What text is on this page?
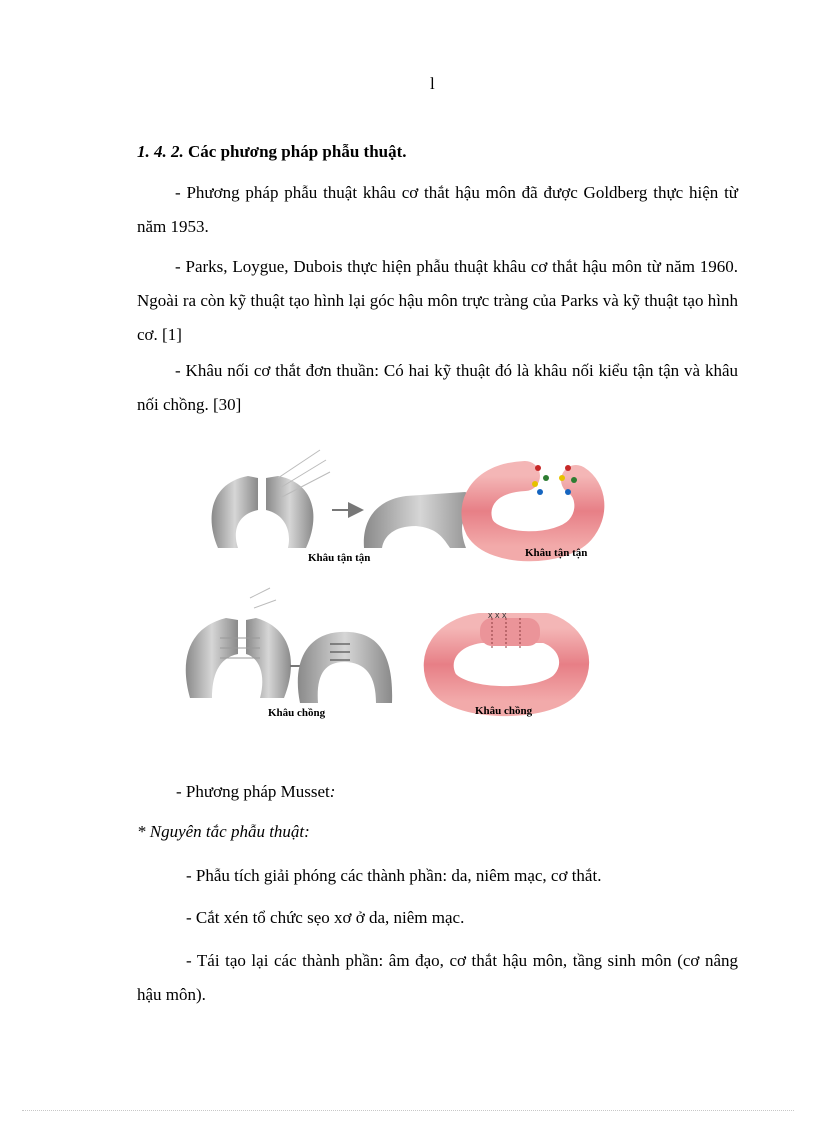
l
1. 4. 2. Các phương pháp phẫu thuật.
- Phương pháp phẫu thuật khâu cơ thắt hậu môn đã được Goldberg thực hiện từ năm 1953.
- Parks, Loygue, Dubois thực hiện phẫu thuật khâu cơ thắt hậu môn từ năm 1960. Ngoài ra còn kỹ thuật tạo hình lại góc hậu môn trực tràng của Parks và kỹ thuật tạo hình cơ. [1]
- Khâu nối cơ thắt đơn thuần: Có hai kỹ thuật đó là khâu nối kiểu tận tận và khâu nối chồng. [30]
Khâu tận tận	Khâu tận tận
x x x
Khâu chồng	Khâu chồng
- Phương pháp Musset:
* Nguyên tắc phẫu thuật:
- Phẫu tích giải phóng các thành phần: da, niêm mạc, cơ thắt.
- Cắt xén tổ chức sẹo xơ ở da, niêm mạc.
- Tái tạo lại các thành phần: âm đạo, cơ thắt hậu môn, tầng sinh môn (cơ nâng hậu môn).
